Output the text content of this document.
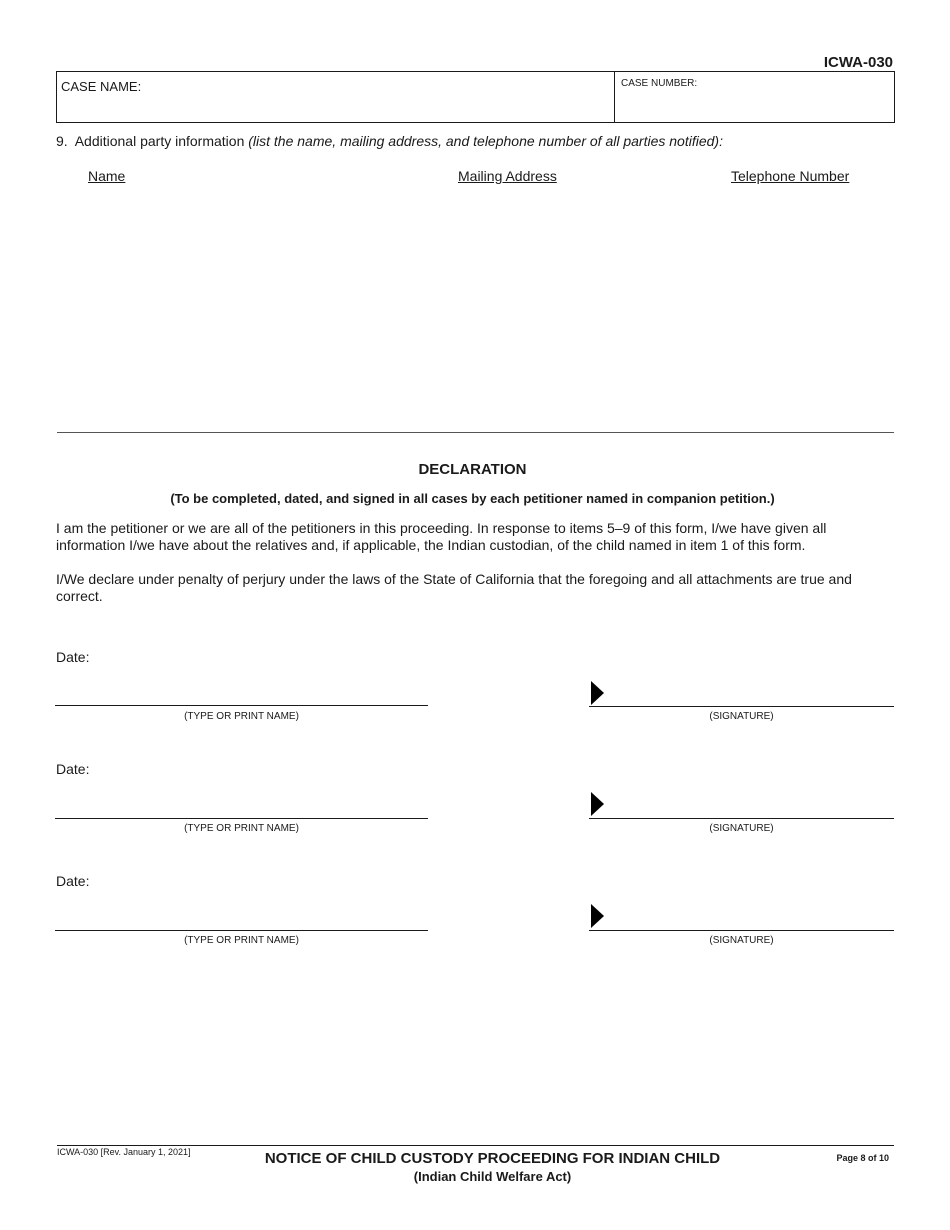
ICWA-030
CASE NAME:	CASE NUMBER:
9. Additional party information (list the name, mailing address, and telephone number of all parties notified):
Name	Mailing Address	Telephone Number
DECLARATION
(To be completed, dated, and signed in all cases by each petitioner named in companion petition.)
I am the petitioner or we are all of the petitioners in this proceeding. In response to items 5–9 of this form, I/we have given all information I/we have about the relatives and, if applicable, the Indian custodian, of the child named in item 1 of this form.
I/We declare under penalty of perjury under the laws of the State of California that the foregoing and all attachments are true and correct.
Date:
(TYPE OR PRINT NAME)	(SIGNATURE)
Date:
(TYPE OR PRINT NAME)	(SIGNATURE)
Date:
(TYPE OR PRINT NAME)	(SIGNATURE)
ICWA-030 [Rev. January 1, 2021]	NOTICE OF CHILD CUSTODY PROCEEDING FOR INDIAN CHILD
(Indian Child Welfare Act)
Page 8 of 10
